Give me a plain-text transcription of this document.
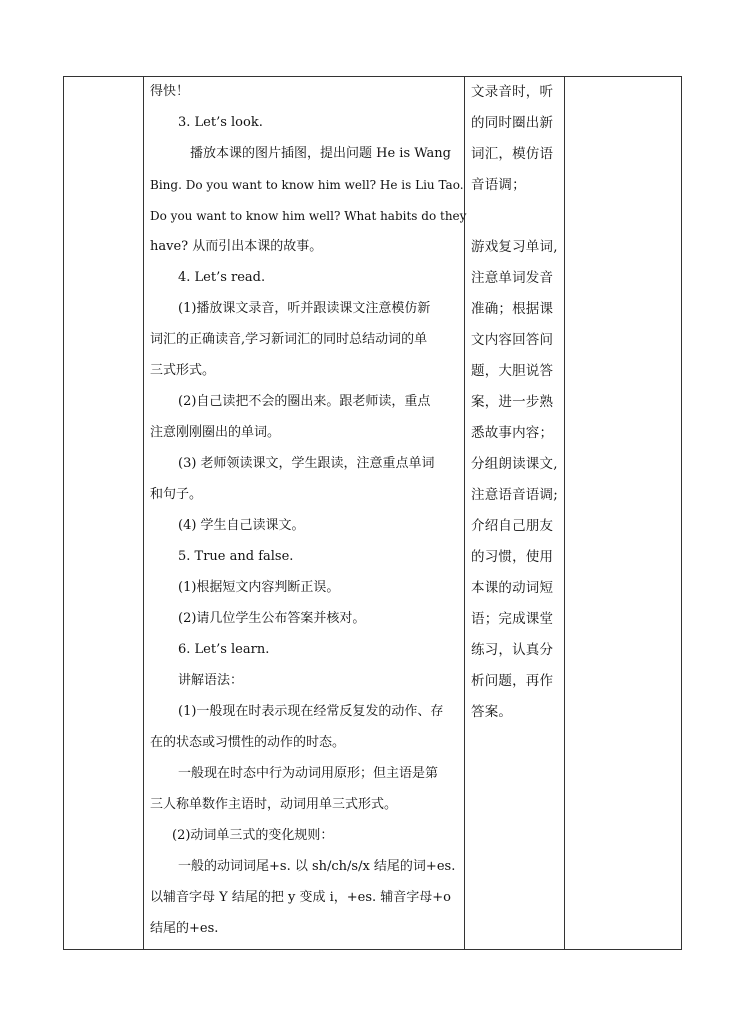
得快！
3. Let’s look.
播放本课的图片插图，提出问题 He is Wang
Bing. Do you want to know him well? He is Liu Tao.
Do you want to know him well? What habits do they
have? 从而引出本课的故事。
4. Let’s read.
(1)播放课文录音，听并跟读课文注意模仿新
词汇的正确读音,学习新词汇的同时总结动词的单
三式形式。
(2)自己读把不会的圈出来。跟老师读，重点
注意刚刚圈出的单词。
(3) 老师领读课文，学生跟读，注意重点单词
和句子。
(4) 学生自己读课文。
5. True and false.
(1)根据短文内容判断正误。
(2)请几位学生公布答案并核对。
6. Let’s learn.
讲解语法：
(1)一般现在时表示现在经常反复发的动作、存
在的状态或习惯性的动作的时态。
一般现在时态中行为动词用原形；但主语是第
三人称单数作主语时，动词用单三式形式。
(2)动词单三式的变化规则：
一般的动词词尾+s. 以 sh/ch/s/x 结尾的词+es.
以辅音字母 Y 结尾的把 y 变成 i，+es. 辅音字母+o
结尾的+es.
文录音时，听
的同时圈出新
词汇，模仿语
音语调；
游戏复习单词,
注意单词发音
准确；根据课
文内容回答问
题，大胆说答
案，进一步熟
悉故事内容；
分组朗读课文,
注意语音语调;
介绍自己朋友
的习惯，使用
本课的动词短
语；完成课堂
练习，认真分
析问题，再作
答案。
